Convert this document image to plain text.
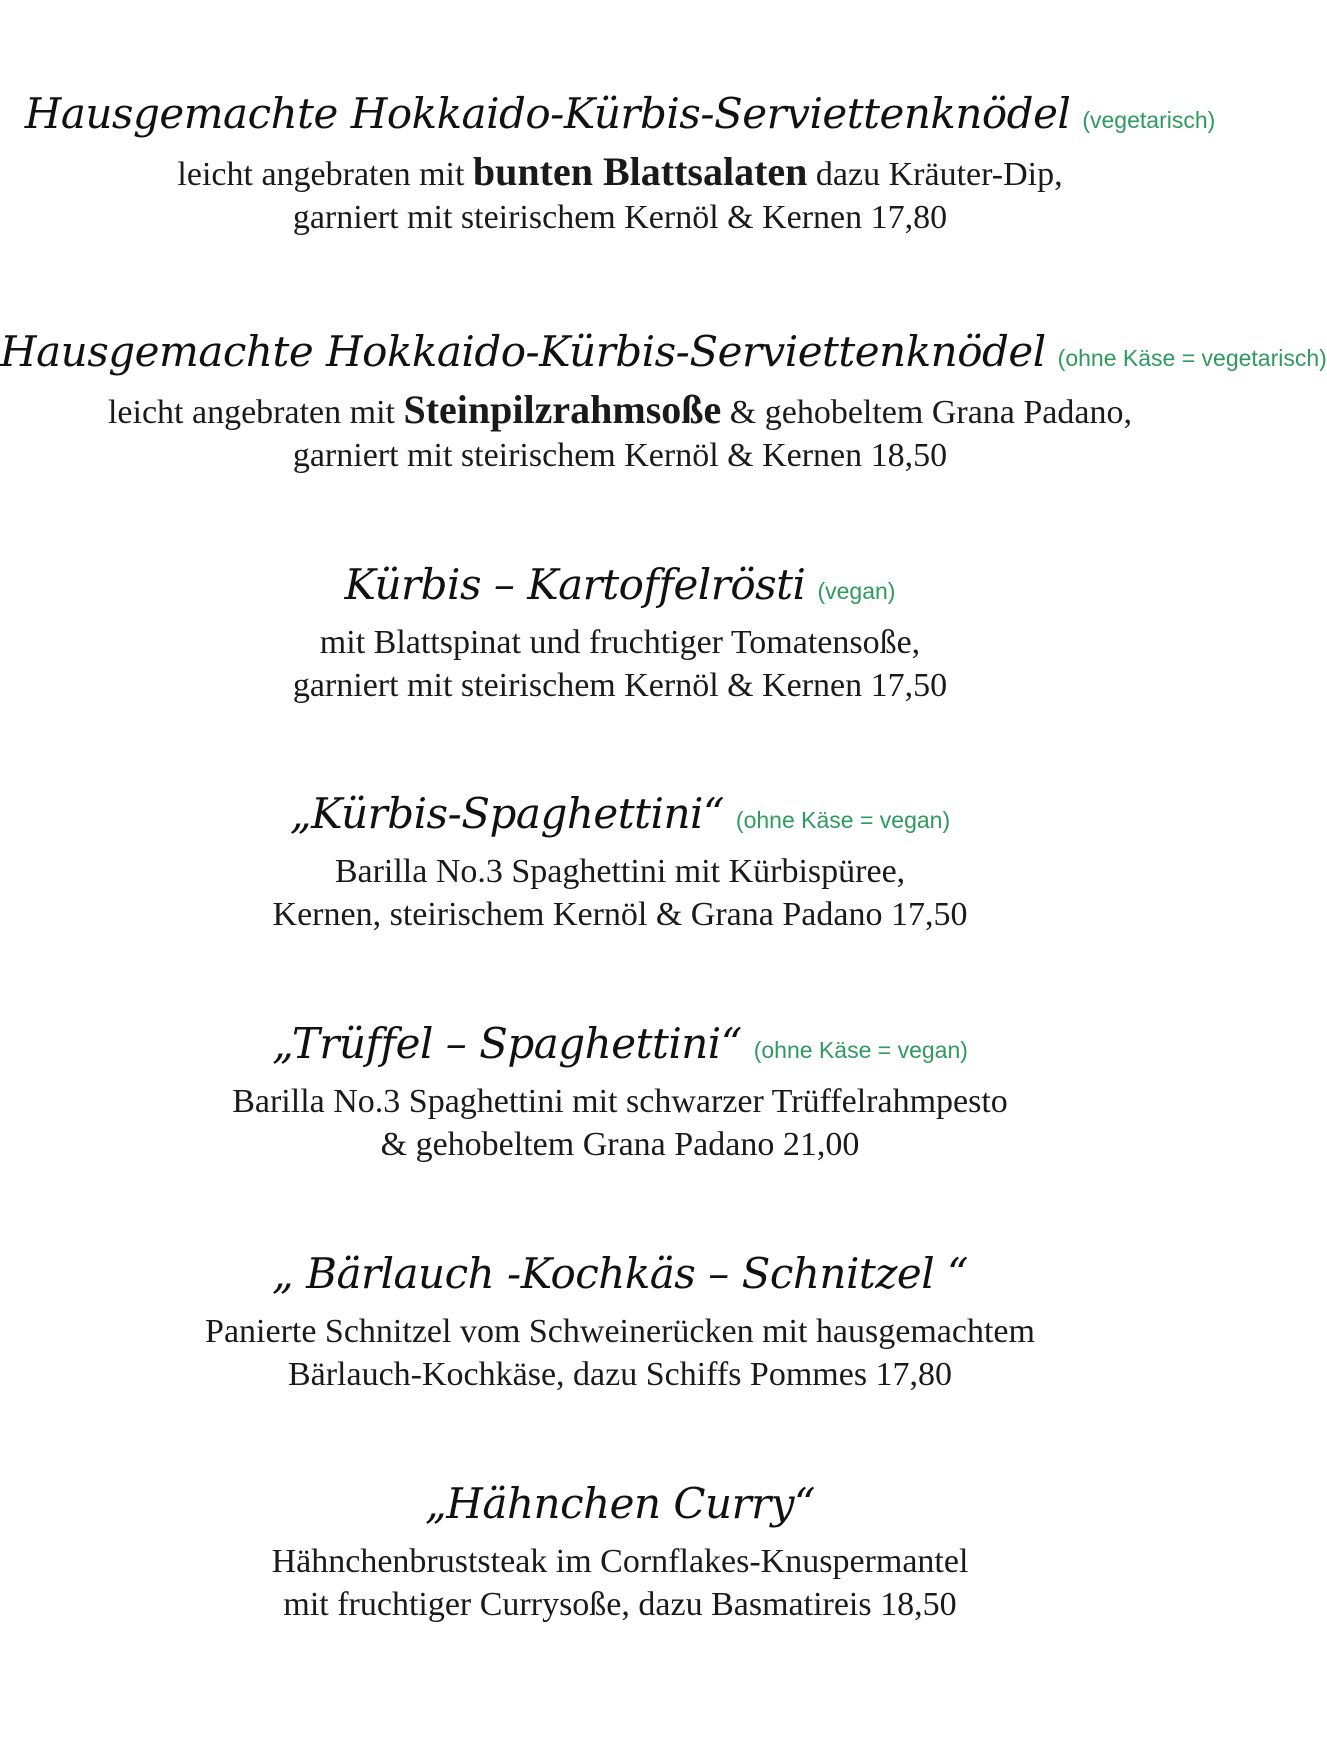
Hausgemachte Hokkaido-Kürbis-Serviettenknödel (vegetarisch)
leicht angebraten mit bunten Blattsalaten dazu Kräuter-Dip,
garniert mit steirischem Kernöl & Kernen 17,80
Hausgemachte Hokkaido-Kürbis-Serviettenknödel (ohne Käse = vegetarisch)
leicht angebraten mit Steinpilzrahmsoße & gehobeltem Grana Padano,
garniert mit steirischem Kernöl & Kernen 18,50
Kürbis – Kartoffelrösti (vegan)
mit Blattspinat und fruchtiger Tomatensoße,
garniert mit steirischem Kernöl & Kernen 17,50
„Kürbis-Spaghettini“ (ohne Käse = vegan)
Barilla No.3 Spaghettini mit Kürbispüree,
Kernen, steirischem Kernöl & Grana Padano 17,50
„Trüffel – Spaghettini“ (ohne Käse = vegan)
Barilla No.3 Spaghettini mit schwarzer Trüffelrahmpesto
& gehobeltem Grana Padano 21,00
„ Bärlauch -Kochkäs – Schnitzel “
Panierte Schnitzel vom Schweinerücken mit hausgemachtem
Bärlauch-Kochkäse, dazu Schiffs Pommes 17,80
„Hähnchen Curry“
Hähnchenbruststeak im Cornflakes-Knuspermantel
mit fruchtiger Currysoße, dazu Basmatireis 18,50
